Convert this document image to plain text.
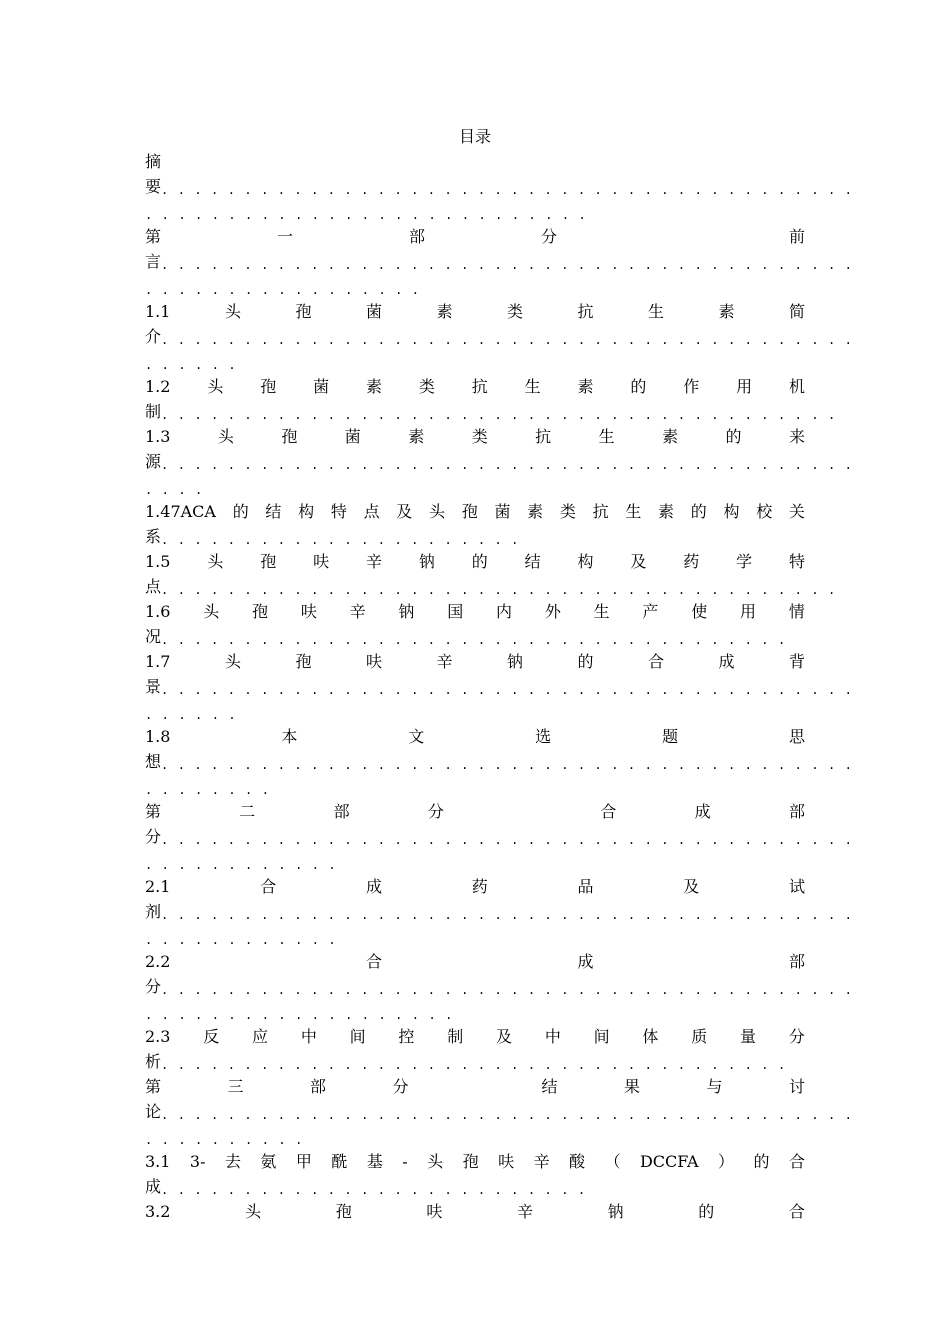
目录
摘
要 ..........................................
...........................
第	一	部	分	前
言 ..........................................
.................
1.1	头	孢	菌	素	类	抗	生	素	简
介 ..........................................
......
1.2 头 孢 菌 素 类 抗 生 素 的 作 用 机
制 .........................................
1.3	头	孢	菌	素	类	抗	生	素	的	来
源 ..........................................
....
1.47ACA 的 结 构 特 点 及 头 孢 菌 素 类 抗 生 素 的 构 校 关
系 ......................
1.5 头 孢 呋 辛 钠 的 结 构 及 药 学 特
点 .........................................
1.6 头 孢 呋 辛 钠 国 内 外 生 产 使 用 情
况 ......................................
1.7	头	孢	呋	辛	钠	的	合	成	背
景 ..........................................
......
1.8	本	文	选	题	思
想 ..........................................
........
第	二	部	分	合	成	部
分 ..........................................
............
2.1	合	成	药	品	及	试
剂 ..........................................
............
2.2	合	成	部
分 ..........................................
...................
2.3 反 应 中 间 控 制 及 中 间 体 质 量 分
析 ......................................
第	三	部	分	结	果	与	讨
论 ..........................................
..........
3.1 3- 去 氨 甲 酰 基 - 头 孢 呋 辛 酸 （ DCCFA ） 的 合
成 ..........................
3.2	头	孢	呋	辛	钠	的	合
